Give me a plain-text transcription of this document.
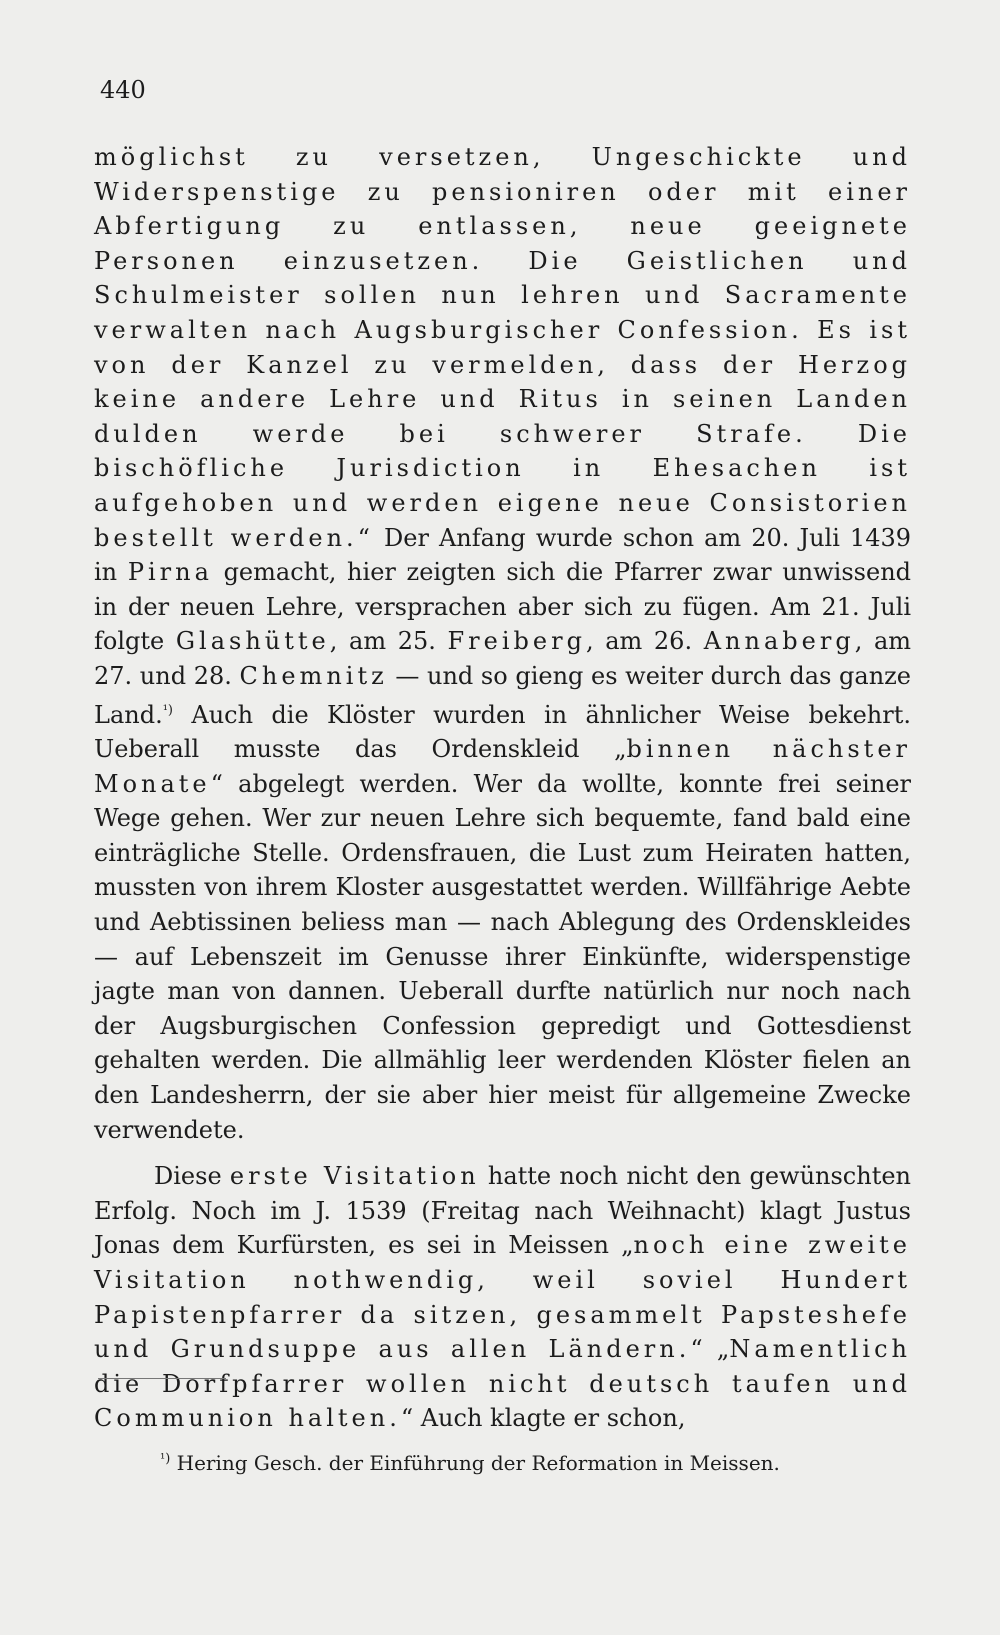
440

möglichst zu versetzen, Ungeschickte und Widerspenstige zu pensioniren oder mit einer Abfertigung zu entlassen, neue geeignete Personen einzusetzen. Die Geistlichen und Schulmeister sollen nun lehren und Sacramente verwalten nach Augsburgischer Confession. Es ist von der Kanzel zu vermelden, dass der Herzog keine andere Lehre und Ritus in seinen Landen dulden werde bei schwerer Strafe. Die bischöfliche Jurisdiction in Ehesachen ist aufgehoben und werden eigene neue Consistorien bestellt werden.“ Der Anfang wurde schon am 20. Juli 1439 in Pirna gemacht, hier zeigten sich die Pfarrer zwar unwissend in der neuen Lehre, versprachen aber sich zu fügen. Am 21. Juli folgte Glashütte, am 25. Freiberg, am 26. Annaberg, am 27. und 28. Chemnitz — und so gieng es weiter durch das ganze Land.$^{^1)}$ Auch die Klöster wurden in ähnlicher Weise bekehrt. Ueberall musste das Ordenskleid „binnen nächster Monate“ abgelegt werden. Wer da wollte, konnte frei seiner Wege gehen. Wer zur neuen Lehre sich bequemte, fand bald eine einträgliche Stelle. Ordensfrauen, die Lust zum Heiraten hatten, mussten von ihrem Kloster ausgestattet werden. Willfährige Aebte und Aebtissinen beliess man — nach Ablegung des Ordenskleides — auf Lebenszeit im Genusse ihrer Einkünfte, widerspenstige jagte man von dannen. Ueberall durfte natürlich nur noch nach der Augsburgischen Confession gepredigt und Gottesdienst gehalten werden. Die allmählig leer werdenden Klöster fielen an den Landesherrn, der sie aber hier meist für allgemeine Zwecke verwendete.

Diese erste Visitation hatte noch nicht den gewünschten Erfolg. Noch im J. 1539 (Freitag nach Weihnacht) klagt Justus Jonas dem Kurfürsten, es sei in Meissen „noch eine zweite Visitation nothwendig, weil soviel Hundert Papistenpfarrer da sitzen, gesammelt Papsteshefe und Grundsuppe aus allen Ländern.“ „Namentlich die Dorfpfarrer wollen nicht deutsch taufen und Communion halten.“ Auch klagte er schon,

$^{^1)}$ Hering Gesch. der Einführung der Reformation in Meissen.
